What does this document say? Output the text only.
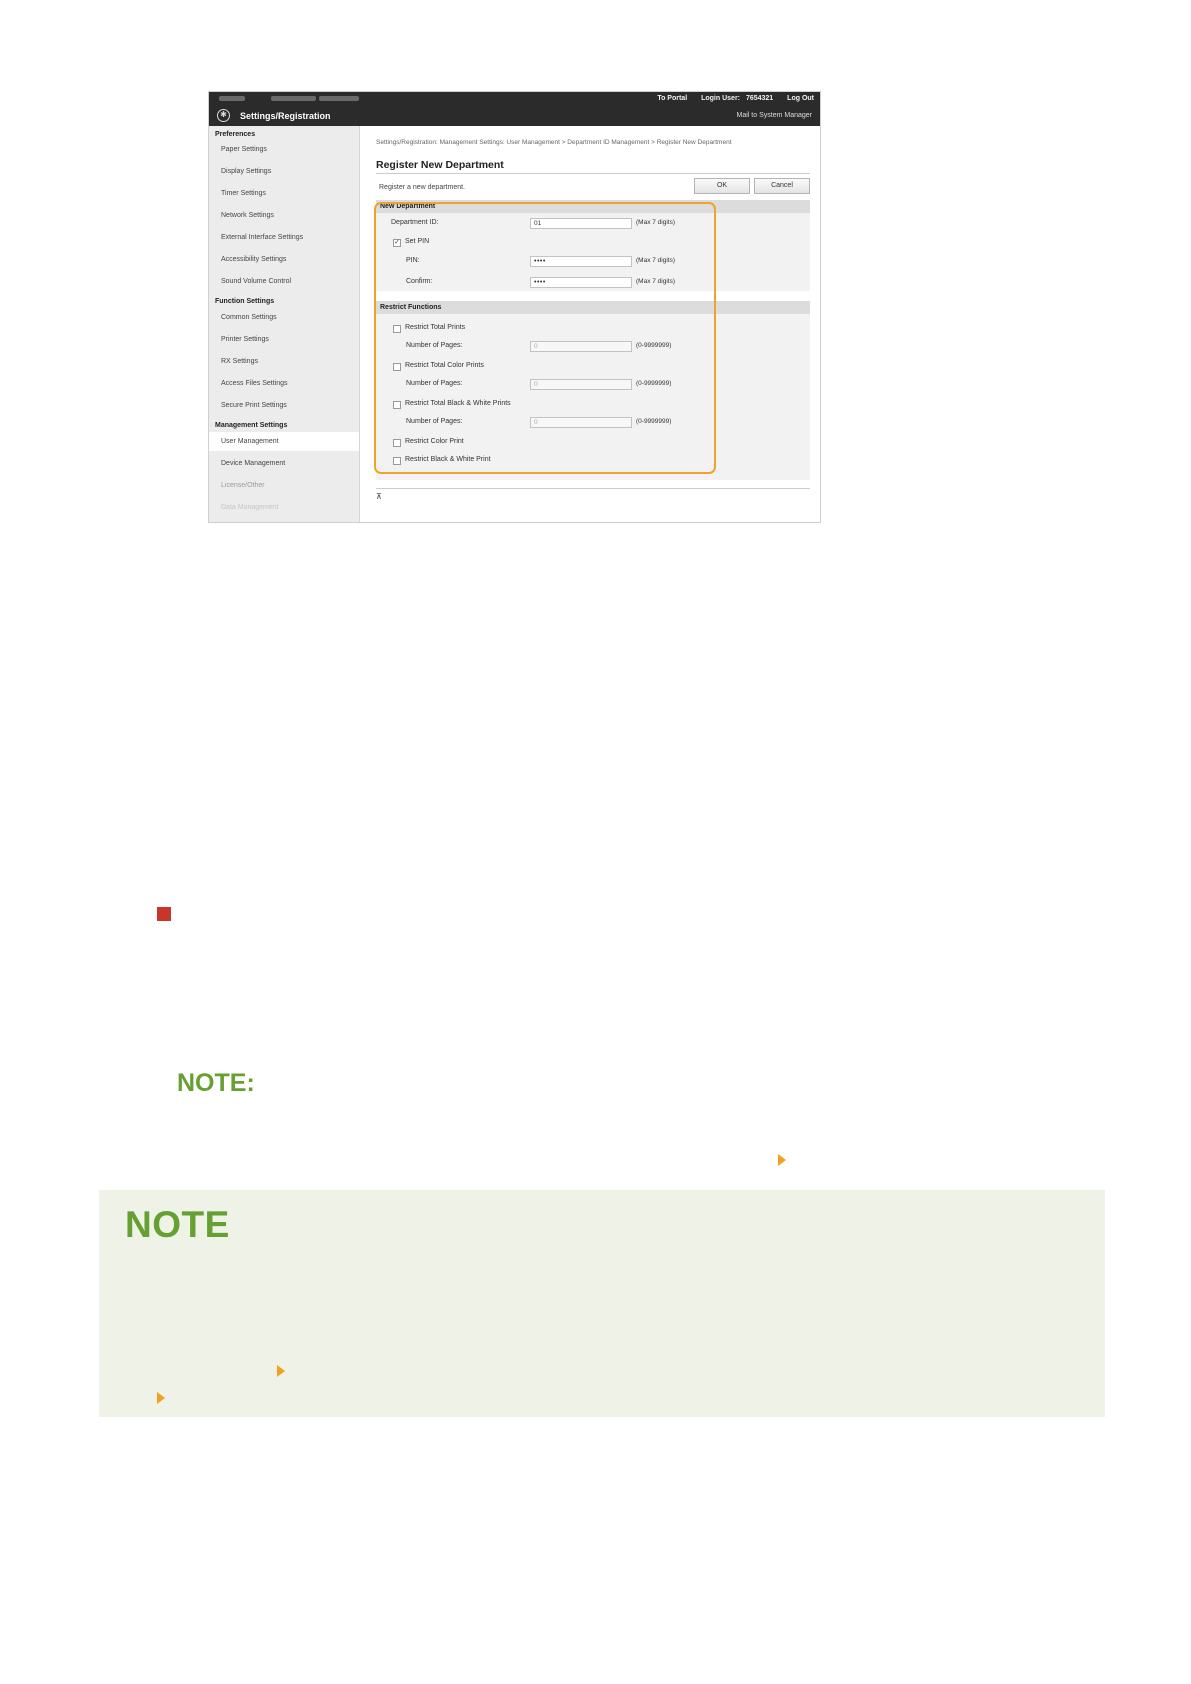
To Portal Login User: 7654321 Log Out
✱	Settings/Registration	Mail to System Manager
Preferences
Paper Settings
Display Settings
Timer Settings
Network Settings
External Interface Settings
Accessibility Settings
Sound Volume Control
Function Settings
Common Settings
Printer Settings
RX Settings
Access Files Settings
Secure Print Settings
Management Settings
User Management
Device Management
License/Other
Data Management
Settings/Registration: Management Settings: User Management > Department ID Management > Register New Department
Register New Department
Register a new department.	OK	Cancel
New Department
Department ID:	01	(Max 7 digits)
✓ Set PIN
PIN:	••••	(Max 7 digits)
Confirm:	••••	(Max 7 digits)
Restrict Functions
Restrict Total Prints
Number of Pages:	0	(0-9999999)
Restrict Total Color Prints
Number of Pages:	0	(0-9999999)
Restrict Total Black & White Prints
Number of Pages:	0	(0-9999999)
Restrict Color Print
Restrict Black & White Print
⊼
NOTE:
NOTE
